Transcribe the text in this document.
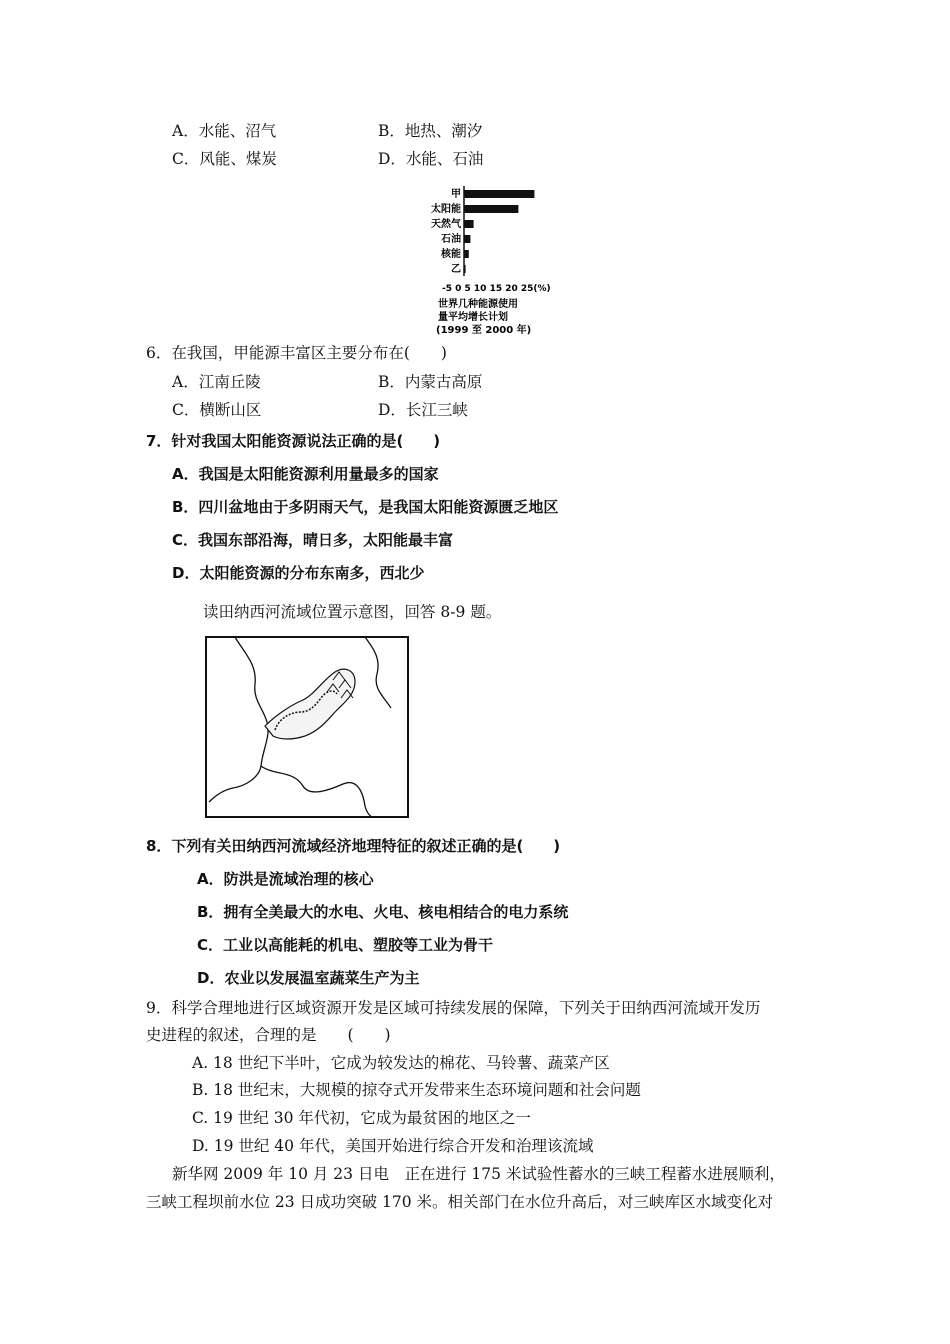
A．水能、沼气	B．地热、潮汐
C．风能、煤炭	D．水能、石油
甲
太阳能
天然气
石油
核能
乙
-5 0 5 10 15 20 25(%)
世界几种能源使用
量平均增长计划
(1999 至 2000 年)
6．在我国，甲能源丰富区主要分布在(　　)
A．江南丘陵	B．内蒙古高原
C．横断山区	D．长江三峡
7．针对我国太阳能资源说法正确的是(　　)
A．我国是太阳能资源利用量最多的国家
B．四川盆地由于多阴雨天气，是我国太阳能资源匮乏地区
C．我国东部沿海，晴日多，太阳能最丰富
D．太阳能资源的分布东南多，西北少
读田纳西河流域位置示意图，回答 8-9 题。
8．下列有关田纳西河流域经济地理特征的叙述正确的是(　　)
A．防洪是流域治理的核心
B．拥有全美最大的水电、火电、核电相结合的电力系统
C．工业以高能耗的机电、塑胶等工业为骨干
D．农业以发展温室蔬菜生产为主
9．科学合理地进行区域资源开发是区域可持续发展的保障，下列关于田纳西河流域开发历
史进程的叙述，合理的是　　(　　)
A. 18 世纪下半叶，它成为较发达的棉花、马铃薯、蔬菜产区
B. 18 世纪末，大规模的掠夺式开发带来生态环境问题和社会问题
C. 19 世纪 30 年代初，它成为最贫困的地区之一
D. 19 世纪 40 年代，美国开始进行综合开发和治理该流域
新华网 2009 年 10 月 23 日电　正在进行 175 米试验性蓄水的三峡工程蓄水进展顺利，
三峡工程坝前水位 23 日成功突破 170 米。相关部门在水位升高后，对三峡库区水域变化对
